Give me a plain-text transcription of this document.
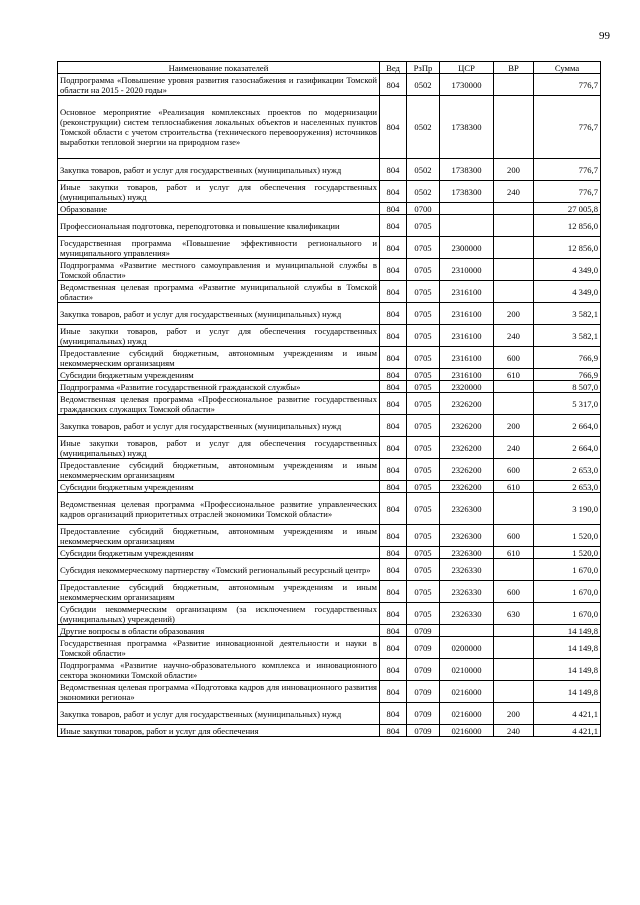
99
Наименование показателей	Вед	РзПр	ЦСР	ВР	Сумма
Подпрограмма «Повышение уровня развития газоснабжения и газификации Томской области на 2015 - 2020 годы»	804	0502	1730000		776,7
Основное мероприятие «Реализация комплексных проектов по модернизации (реконструкции) систем теплоснабжения локальных объектов и населенных пунктов Томской области с учетом строительства (технического перевооружения) источников выработки тепловой энергии на природном газе»	804	0502	1738300		776,7
Закупка товаров, работ и услуг для государственных (муниципальных) нужд	804	0502	1738300	200	776,7
Иные закупки товаров, работ и услуг для обеспечения государственных (муниципальных) нужд	804	0502	1738300	240	776,7
Образование	804	0700			27 005,8
Профессиональная подготовка, переподготовка и повышение квалификации	804	0705			12 856,0
Государственная программа «Повышение эффективности регионального и муниципального управления»	804	0705	2300000		12 856,0
Подпрограмма «Развитие местного самоуправления и муниципальной службы в Томской области»	804	0705	2310000		4 349,0
Ведомственная целевая программа «Развитие муниципальной службы в Томской области»	804	0705	2316100		4 349,0
Закупка товаров, работ и услуг для государственных (муниципальных) нужд	804	0705	2316100	200	3 582,1
Иные закупки товаров, работ и услуг для обеспечения государственных (муниципальных) нужд	804	0705	2316100	240	3 582,1
Предоставление субсидий бюджетным, автономным учреждениям и иным некоммерческим организациям	804	0705	2316100	600	766,9
Субсидии бюджетным учреждениям	804	0705	2316100	610	766,9
Подпрограмма «Развитие государственной гражданской службы»	804	0705	2320000		8 507,0
Ведомственная целевая программа «Профессиональное развитие государственных гражданских служащих Томской области»	804	0705	2326200		5 317,0
Закупка товаров, работ и услуг для государственных (муниципальных) нужд	804	0705	2326200	200	2 664,0
Иные закупки товаров, работ и услуг для обеспечения государственных (муниципальных) нужд	804	0705	2326200	240	2 664,0
Предоставление субсидий бюджетным, автономным учреждениям и иным некоммерческим организациям	804	0705	2326200	600	2 653,0
Субсидии бюджетным учреждениям	804	0705	2326200	610	2 653,0
Ведомственная целевая программа «Профессиональное развитие управленческих кадров организаций приоритетных отраслей экономики Томской области»	804	0705	2326300		3 190,0
Предоставление субсидий бюджетным, автономным учреждениям и иным некоммерческим организациям	804	0705	2326300	600	1 520,0
Субсидии бюджетным учреждениям	804	0705	2326300	610	1 520,0
Субсидия некоммерческому партнерству «Томский региональный ресурсный центр»	804	0705	2326330		1 670,0
Предоставление субсидий бюджетным, автономным учреждениям и иным некоммерческим организациям	804	0705	2326330	600	1 670,0
Субсидии некоммерческим организациям (за исключением государственных (муниципальных) учреждений)	804	0705	2326330	630	1 670,0
Другие вопросы в области образования	804	0709			14 149,8
Государственная программа «Развитие инновационной деятельности и науки в Томской области»	804	0709	0200000		14 149,8
Подпрограмма «Развитие научно-образовательного комплекса и инновационного сектора экономики Томской области»	804	0709	0210000		14 149,8
Ведомственная целевая программа «Подготовка кадров для инновационного развития экономики региона»	804	0709	0216000		14 149,8
Закупка товаров, работ и услуг для государственных (муниципальных) нужд	804	0709	0216000	200	4 421,1
Иные закупки товаров, работ и услуг для обеспечения	804	0709	0216000	240	4 421,1
